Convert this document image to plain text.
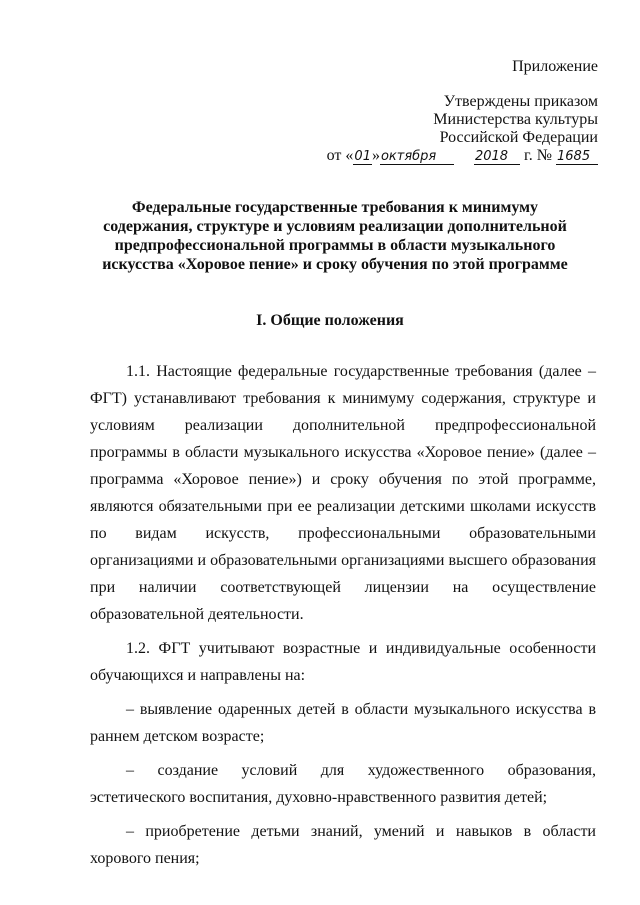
Приложение
Утверждены приказом
Министерства культуры
Российской Федерации
от «01»октября	2018 г. № 1685
Федеральные государственные требования к минимуму содержания, структуре и условиям реализации дополнительной предпрофессиональной программы в области музыкального искусства «Хоровое пение» и сроку обучения по этой программе
I. Общие положения

1.1. Настоящие федеральные государственные требования (далее – ФГТ) устанавливают требования к минимуму содержания, структуре и условиям реализации дополнительной предпрофессиональной программы в области музыкального искусства «Хоровое пение» (далее – программа «Хоровое пение») и сроку обучения по этой программе, являются обязательными при ее реализации детскими школами искусств по видам искусств, профессиональными образовательными организациями и образовательными организациями высшего образования при наличии соответствующей лицензии на осуществление образовательной деятельности.

1.2. ФГТ учитывают возрастные и индивидуальные особенности обучающихся и направлены на:

– выявление одаренных детей в области музыкального искусства в раннем детском возрасте;

– создание условий для художественного образования, эстетического воспитания, духовно-нравственного развития детей;

– приобретение детьми знаний, умений и навыков в области хорового пения;
